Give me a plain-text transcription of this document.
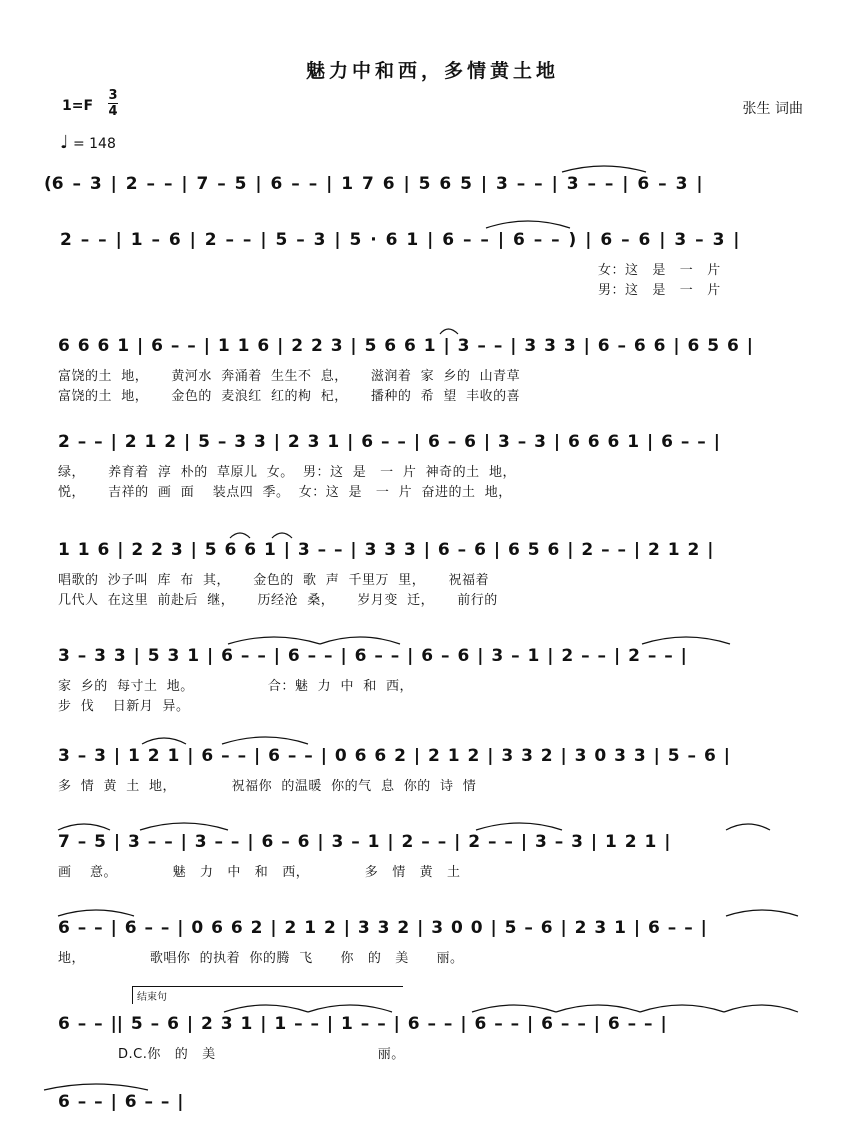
魅力中和西，多情黄土地
1=F
3
4
♩ = 148
张生 词曲
(6 – 3 | 2 – – | 7 – 5 | 6 – – | 1 7 6 | 5 6 5 | 3 – – | 3 – – | 6 – 3 |
2 – – | 1 – 6 | 2 – – | 5 – 3 | 5 · 6 1 | 6 – – | 6 – – ) | 6 – 6 | 3 – 3 |
女：这   是   一   片
男：这   是   一   片
6 6 6 1 | 6 – – | 1 1 6 | 2 2 3 | 5 6 6 1 | 3 – – | 3 3 3 | 6 – 6 6 | 6 5 6 |
富饶的土  地，     黄河水  奔涌着  生生不  息，     滋润着  家  乡的  山青草
富饶的土  地，     金色的  麦浪红  红的枸  杞，     播种的  希  望  丰收的喜
2 – – | 2 1 2 | 5 – 3 3 | 2 3 1 | 6 – – | 6 – 6 | 3 – 3 | 6 6 6 1 | 6 – – |
绿，     养育着  淳  朴的  草原儿  女。  男：这  是   一  片  神奇的土  地，
悦，     吉祥的  画  面    装点四  季。  女：这  是   一  片  奋进的土  地，
1 1 6 | 2 2 3 | 5 6 6 1 | 3 – – | 3 3 3 | 6 – 6 | 6 5 6 | 2 – – | 2 1 2 |
唱歌的  沙子叫  库  布  其，     金色的  歌  声  千里万  里，     祝福着
几代人  在这里  前赴后  继，     历经沧  桑，     岁月变  迁，     前行的
3 – 3 3 | 5 3 1 | 6 – – | 6 – – | 6 – – | 6 – 6 | 3 – 1 | 2 – – | 2 – – |
家  乡的  每寸土  地。                合：魅  力  中  和  西，
步  伐    日新月  异。
3 – 3 | 1 2 1 | 6 – – | 6 – – | 0 6 6 2 | 2 1 2 | 3 3 2 | 3 0 3 3 | 5 – 6 |
多  情  黄  土  地，            祝福你  的温暖  你的气  息  你的  诗  情
7 – 5 | 3 – – | 3 – – | 6 – 6 | 3 – 1 | 2 – – | 2 – – | 3 – 3 | 1 2 1 |
画    意。            魅   力   中   和   西，            多   情   黄   土
6 – – | 6 – – | 0 6 6 2 | 2 1 2 | 3 3 2 | 3 0 0 | 5 – 6 | 2 3 1 | 6 – – |
地，              歌唱你  的执着  你的腾  飞      你   的   美      丽。
结束句
6 – – || 5 – 6 | 2 3 1 | 1 – – | 1 – – | 6 – – | 6 – – | 6 – – | 6 – – |
D.C.你   的   美                                   丽。
6 – – | 6 – – |
